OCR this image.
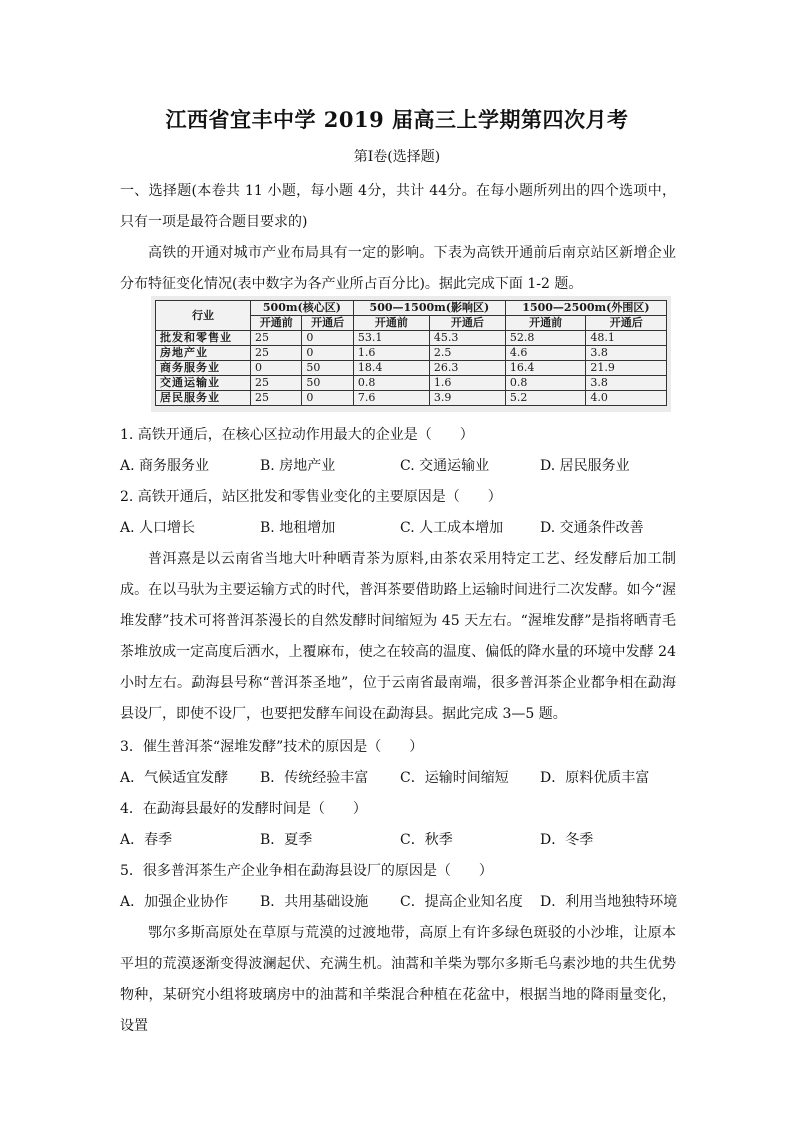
江西省宜丰中学 2019 届高三上学期第四次月考
第Ⅰ卷(选择题)

一、选择题(本卷共 11 小题，每小题 4分，共计 44分。在每小题所列出的四个选项中，只有一项是最符合题目要求的)

高铁的开通对城市产业布局具有一定的影响。下表为高铁开通前后南京站区新增企业分布特征变化情况(表中数字为各产业所占百分比)。据此完成下面 1-2 题。

行业	500m(核心区)		500—1500m(影响区)		1500—2500m(外围区)	
	开通前	开通后	开通前	开通后	开通前	开通后
批发和零售业	25	0	53.1	45.3	52.8	48.1
房地产业	25	0	1.6	2.5	4.6	3.8
商务服务业	0	50	18.4	26.3	16.4	21.9
交通运输业	25	50	0.8	1.6	0.8	3.8
居民服务业	25	0	7.6	3.9	5.2	4.0

1. 高铁开通后，在核心区拉动作用最大的企业是（　　）

A. 商务服务业	B. 房地产业	C. 交通运输业	D. 居民服务业

2. 高铁开通后，站区批发和零售业变化的主要原因是（　　）

A. 人口增长	B. 地租增加	C. 人工成本增加	D. 交通条件改善

普洱熹是以云南省当地大叶种晒青茶为原料,由茶农采用特定工艺、经发酵后加工制成。在以马驮为主要运输方式的时代，普洱茶要借助路上运输时间进行二次发酵。如今“渥堆发酵”技术可将普洱茶漫长的自然发酵时间缩短为 45 天左右。“渥堆发酵”是指将晒青毛茶堆放成一定高度后洒水，上覆麻布，使之在较高的温度、偏低的降水量的环境中发酵 24 小时左右。勐海县号称“普洱茶圣地”，位于云南省最南端，很多普洱茶企业都争相在勐海县设厂，即使不设厂，也要把发酵车间设在勐海县。据此完成 3—5 题。

3．催生普洱茶“渥堆发酵”技术的原因是（　　）

A．气候适宜发酵 B．传统经验丰富 C．运输时间缩短 D．原料优质丰富

4．在勐海县最好的发酵时间是（　　）

A．春季	B．夏季	C．秋季	D．冬季

5．很多普洱茶生产企业争相在勐海县设厂的原因是（　　）

A．加强企业协作 B．共用基础设施 C．提高企业知名度 D．利用当地独特环境

鄂尔多斯高原处在草原与荒漠的过渡地带，高原上有许多绿色斑驳的小沙堆，让原本平坦的荒漠逐渐变得波澜起伏、充满生机。油蒿和羊柴为鄂尔多斯毛乌素沙地的共生优势物种，某研究小组将玻璃房中的油蒿和羊柴混合种植在花盆中，根据当地的降雨量变化，设置
